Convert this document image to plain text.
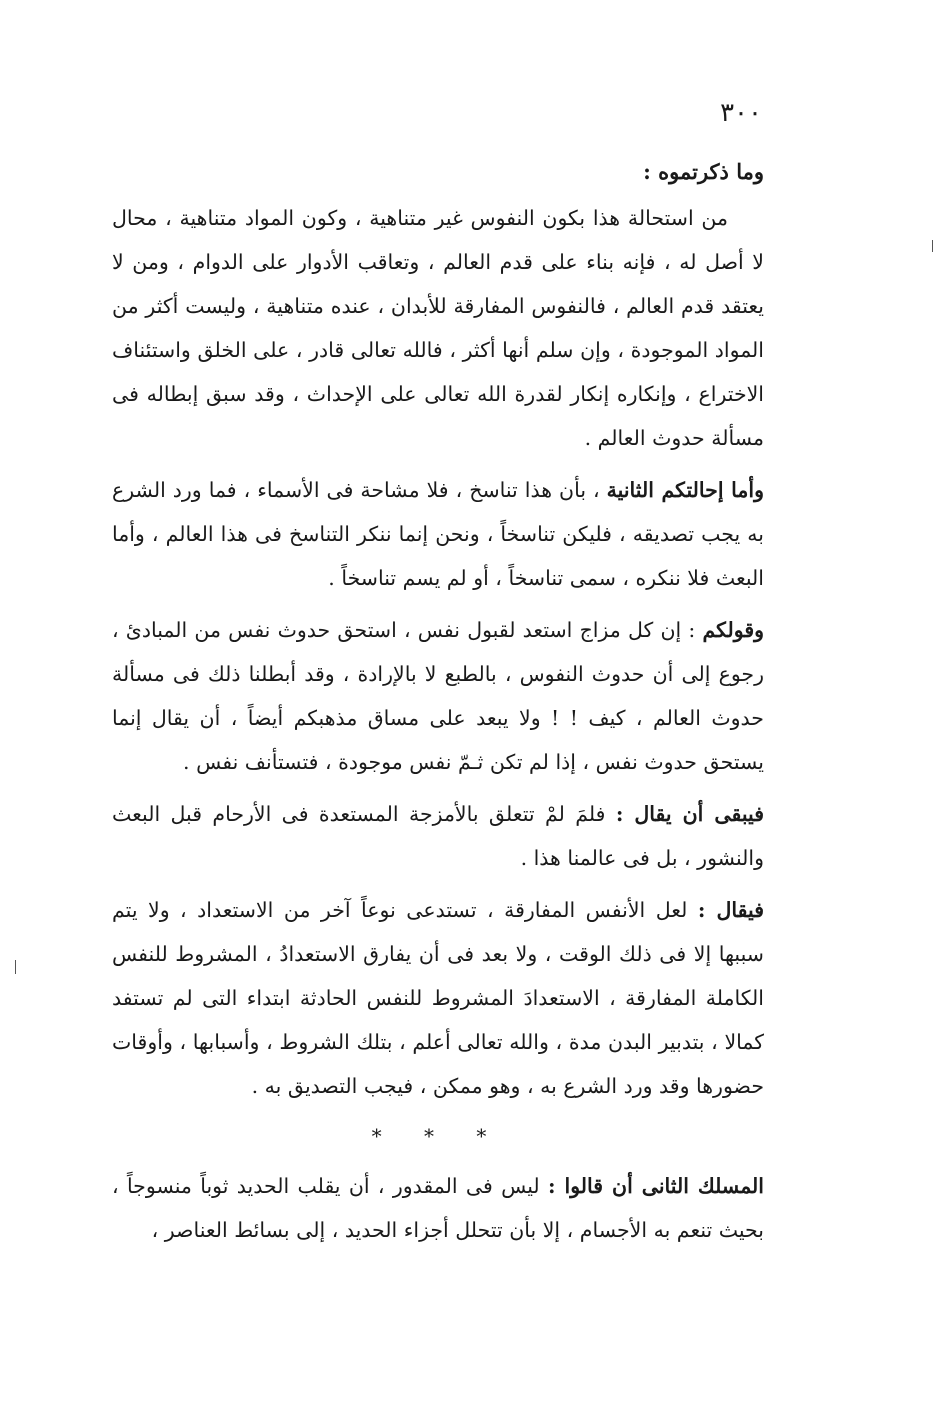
٣٠٠
وما ذكرتموه :

من استحالة هذا بكون النفوس غير متناهية ، وكون المواد متناهية ، محال لا أصل له ، فإنه بناء على قدم العالم ، وتعاقب الأدوار على الدوام ، ومن لا يعتقد قدم العالم ، فالنفوس المفارقة للأبدان ، عنده متناهية ، وليست أكثر من المواد الموجودة ، وإن سلم أنها أكثر ، فالله تعالى قادر ، على الخلق واستئناف الاختراع ، وإنكاره إنكار لقدرة الله تعالى على الإحداث ، وقد سبق إبطاله فى مسألة حدوث العالم .

وأما إحالتكم الثانية ، بأن هذا تناسخ ، فلا مشاحة فى الأسماء ، فما ورد الشرع به يجب تصديقه ، فليكن تناسخاً ، ونحن إنما ننكر التناسخ فى هذا العالم ، وأما البعث فلا ننكره ، سمى تناسخاً ، أو لم يسم تناسخاً .

وقولكم : إن كل مزاج استعد لقبول نفس ، استحق حدوث نفس من المبادئ ، رجوع إلى أن حدوث النفوس ، بالطبع لا بالإرادة ، وقد أبطلنا ذلك فى مسألة حدوث العالم ، كيف ! ! ولا يبعد على مساق مذهبكم أيضاً ، أن يقال إنما يستحق حدوث نفس ، إذا لم تكن ثـمّ نفس موجودة ، فتستأنف نفس .

فيبقى أن يقال : فلمَ لمْ تتعلق بالأمزجة المستعدة فى الأرحام قبل البعث والنشور ، بل فى عالمنا هذا .

فيقال : لعل الأنفس المفارقة ، تستدعى نوعاً آخر من الاستعداد ، ولا يتم سببها إلا فى ذلك الوقت ، ولا بعد فى أن يفارق الاستعدادُ ، المشروط للنفس الكاملة المفارقة ، الاستعدادَ المشروط للنفس الحادثة ابتداء التى لم تستفد كمالا ، بتدبير البدن مدة ، والله تعالى أعلم ، بتلك الشروط ، وأسبابها ، وأوقات حضورها وقد ورد الشرع به ، وهو ممكن ، فيجب التصديق به .

* * *

المسلك الثانى أن قالوا : ليس فى المقدور ، أن يقلب الحديد ثوباً منسوجاً ، بحيث تنعم به الأجسام ، إلا بأن تتحلل أجزاء الحديد ، إلى بسائط العناصر ،
